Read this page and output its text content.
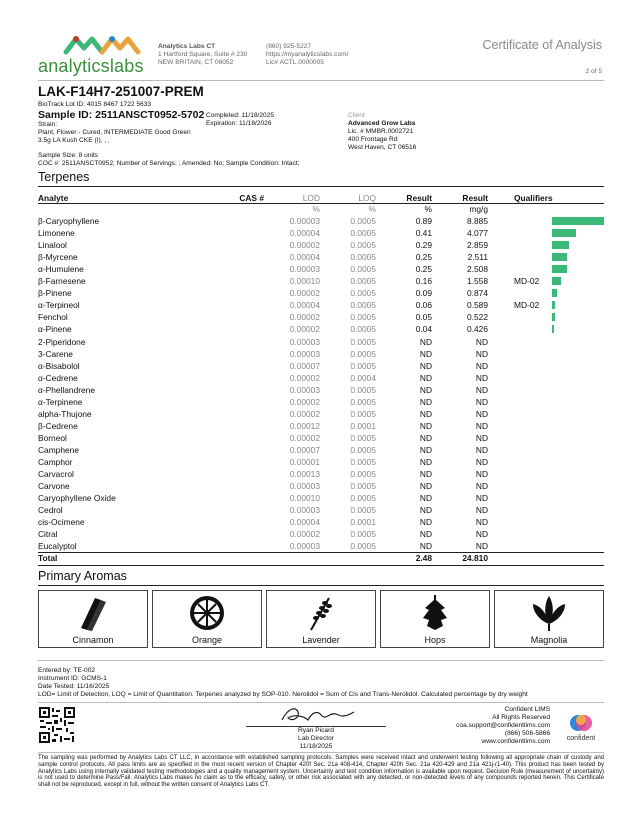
analyticslabs
Analytics Labs CT
1 Hartford Square, Suite # 230
NEW BRITAIN, CT 06052
(860) 925-5227
https://myanalyticslabs.com/
Lic# ACTL.0000005
Certificate of Analysis
2 of 5
LAK-F14H7-251007-PREM
BioTrack Lot ID: 4015 8467 1722 5633
Sample ID: 2511ANSCT0952-5702 Completed: 11/18/2025
Expiration: 11/18/2026
Strain:
Plant, Flower - Cured, INTERMEDIATE Good Green
3.5g LA Kush CKE (I), , ,
Sample Size: 8 units
COC #: 2511ANSCT0952; Number of Servings: ; Amended: No; Sample Condition: Intact;
Client
Advanced Grow Labs
Lic. # MMBR.0002721
400 Frontage Rd
West Haven, CT 06516
Terpenes
Analyte	CAS #	LOD	LOQ	Result	Result	Qualifiers
%	%	%	mg/g
β-Caryophyllene	0.00003	0.0005	0.89	8.885
Limonene	0.00004	0.0005	0.41	4.077
Linalool	0.00002	0.0005	0.29	2.859
β-Myrcene	0.00004	0.0005	0.25	2.511
α-Humulene	0.00003	0.0005	0.25	2.508
β-Farnesene	0.00010	0.0005	0.16	1.558	MD-02
β-Pinene	0.00002	0.0005	0.09	0.874
α-Terpineol	0.00004	0.0005	0.06	0.589	MD-02
Fenchol	0.00002	0.0005	0.05	0.522
α-Pinene	0.00002	0.0005	0.04	0.426
2-Piperidone	0.00003	0.0005	ND	ND
3-Carene	0.00003	0.0005	ND	ND
α-Bisabolol	0.00007	0.0005	ND	ND
α-Cedrene	0.00002	0.0004	ND	ND
α-Phellandrene	0.00003	0.0005	ND	ND
α-Terpinene	0.00002	0.0005	ND	ND
alpha-Thujone	0.00002	0.0005	ND	ND
β-Cedrene	0.00012	0.0001	ND	ND
Borneol	0.00002	0.0005	ND	ND
Camphene	0.00007	0.0005	ND	ND
Camphor	0.00001	0.0005	ND	ND
Carvacrol	0.00013	0.0005	ND	ND
Carvone	0.00003	0.0005	ND	ND
Caryophyllene Oxide	0.00010	0.0005	ND	ND
Cedrol	0.00003	0.0005	ND	ND
cis-Ocimene	0.00004	0.0001	ND	ND
Citral	0.00002	0.0005	ND	ND
Eucalyptol	0.00003	0.0005	ND	ND
Total	2.48	24.810
Primary Aromas
Cinnamon	Orange	Lavender	Hops	Magnolia
Entered by: TE-002
Instrument ID: GCMS-1
Date Tested: 11/16/2025
LOD= Limit of Detection, LOQ = Limit of Quantitation. Terpenes analyzed by SOP-010. Nerolidol = Sum of Cis and Trans-Nerolidol. Calculated percentage by dry weight
Ryan Picard
Lab Director
11/18/2025
Confident LIMS
All Rights Reserved
coa.support@confidentlims.com
(866) 506-5866
www.confidentlims.com	confident
The sampling was performed by Analytics Labs CT LLC, in accordance with established sampling protocols. Samples were received intact and underwent testing following all appropriate chain of custody and sample control protocols. All pass limits are as specified in the most recent version of Chapter 420f Sec. 21a 408-414, Chapter 420h Sec. 21a 420-429 and 21a 421j-(1-40). This product has been tested by Analytics Labs using internally validated testing methodologies and a quality management system. Uncertainty and test condition information is available upon request. Decision Rule (measurement of uncertainty) is not used to determine Pass/Fail. Analytics Labs makes no claim as to the efficacy, safety, or other risk associated with any detected, or non-detected levels of any compounds reported herein. This Certificate shall not be reproduced, except in full, without the written consent of Analytics Labs CT.
